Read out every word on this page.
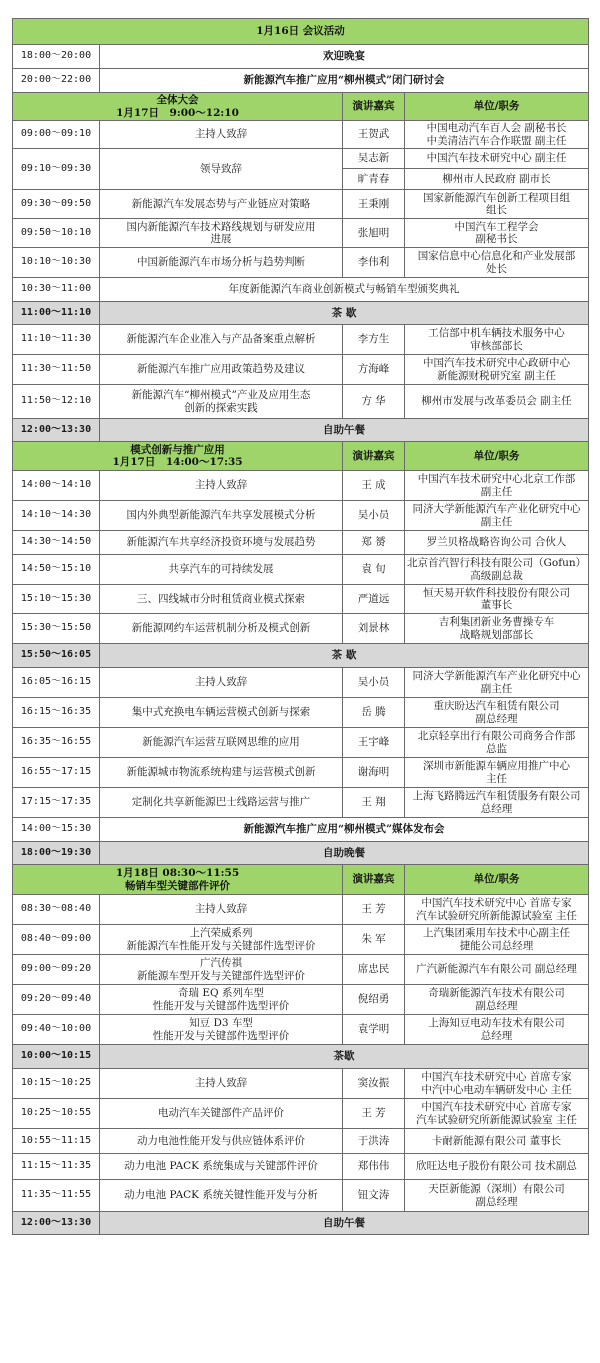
1月16日 会议活动			

18:00～20:00	欢迎晚宴		

20:00～22:00	新能源汽车推广应用“柳州模式”闭门研讨会		

全体大会
1月17日　9:00～12:10		演讲嘉宾	单位/职务

09:00～09:10	主持人致辞	王贺武	中国电动汽车百人会 副秘书长
中美清洁汽车合作联盟 副主任

09:10～09:30	领导致辞	吴志新	中国汽车技术研究中心 副主任

		旷青春	柳州市人民政府 副市长

09:30～09:50	新能源汽车发展态势与产业链应对策略	王秉刚	国家新能源汽车创新工程项目组
组长

09:50～10:10	国内新能源汽车技术路线规划与研发应用
进展	张旭明	中国汽车工程学会
副秘书长

10:10～10:30	中国新能源汽车市场分析与趋势判断	李伟利	国家信息中心信息化和产业发展部
处长

10:30～11:00	年度新能源汽车商业创新模式与畅销车型颁奖典礼		

11:00～11:10	茶 歇		

11:10～11:30	新能源汽车企业准入与产品备案重点解析	李方生	工信部中机车辆技术服务中心
审核部部长

11:30～11:50	新能源汽车推广应用政策趋势及建议	方海峰	中国汽车技术研究中心政研中心
新能源财税研究室 副主任

11:50～12:10	新能源汽车“柳州模式”产业及应用生态
创新的探索实践	方 华	柳州市发展与改革委员会 副主任

12:00～13:30	自助午餐		

模式创新与推广应用
1月17日　14:00～17:35		演讲嘉宾	单位/职务

14:00～14:10	主持人致辞	王 成	中国汽车技术研究中心北京工作部
副主任

14:10～14:30	国内外典型新能源汽车共享发展模式分析	吴小员	同济大学新能源汽车产业化研究中心
副主任

14:30～14:50	新能源汽车共享经济投资环境与发展趋势	郑 赟	罗兰贝格战略咨询公司 合伙人

14:50～15:10	共享汽车的可持续发展	袁 旬	北京首汽智行科技有限公司（Gofun）
高级副总裁

15:10～15:30	三、四线城市分时租赁商业模式探索	严道远	恒天易开软件科技股份有限公司
董事长

15:30～15:50	新能源网约车运营机制分析及模式创新	刘景林	吉利集团新业务曹操专车
战略规划部部长

15:50～16:05	茶 歇		

16:05～16:15	主持人致辞	吴小员	同济大学新能源汽车产业化研究中心
副主任

16:15～16:35	集中式充换电车辆运营模式创新与探索	岳 腾	重庆盼达汽车租赁有限公司
副总经理

16:35～16:55	新能源汽车运营互联网思维的应用	王宇峰	北京轻享出行有限公司商务合作部
总监

16:55～17:15	新能源城市物流系统构建与运营模式创新	谢海明	深圳市新能源车辆应用推广中心
主任

17:15～17:35	定制化共享新能源巴士线路运营与推广	王 翔	上海飞路腾远汽车租赁服务有限公司
总经理

14:00～15:30	新能源汽车推广应用“柳州模式”媒体发布会		

18:00～19:30	自助晚餐		

1月18日 08:30～11:55
畅销车型关键部件评价		演讲嘉宾	单位/职务

08:30～08:40	主持人致辞	王 芳	中国汽车技术研究中心 首席专家
汽车试验研究所新能源试验室 主任

08:40～09:00	上汽荣威系列
新能源汽车性能开发与关键部件选型评价	朱 军	上汽集团乘用车技术中心副主任
捷能公司总经理

09:00～09:20	广汽传祺
新能源车型开发与关键部件选型评价	席忠民	广汽新能源汽车有限公司 副总经理

09:20～09:40	奇瑞 EQ 系列车型
性能开发与关键部件选型评价	倪绍勇	奇瑞新能源汽车技术有限公司
副总经理

09:40～10:00	知豆 D3 车型
性能开发与关键部件选型评价	袁学明	上海知豆电动车技术有限公司
总经理

10:00～10:15	茶歇		

10:15～10:25	主持人致辞	窦汝振	中国汽车技术研究中心 首席专家
中汽中心电动车辆研发中心 主任

10:25～10:55	电动汽车关键部件产品评价	王 芳	中国汽车技术研究中心 首席专家
汽车试验研究所新能源试验室 主任

10:55～11:15	动力电池性能开发与供应链体系评价	于洪涛	卡耐新能源有限公司 董事长

11:15～11:35	动力电池 PACK 系统集成与关键部件评价	郑伟伟	欣旺达电子股份有限公司 技术副总

11:35～11:55	动力电池 PACK 系统关键性能开发与分析	钮文涛	天臣新能源（深圳）有限公司
副总经理

12:00～13:30	自助午餐		
